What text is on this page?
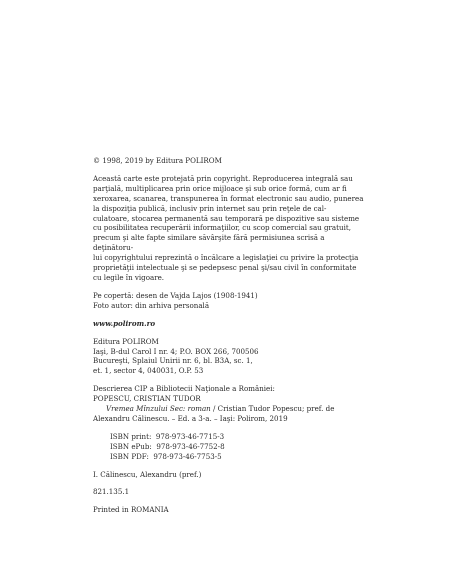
© 1998, 2019 by Editura POLIROM

Această carte este protejată prin copyright. Reproducerea integrală sau
parţială, multiplicarea prin orice mijloace şi sub orice formă, cum ar fi
xeroxarea, scanarea, transpunerea în format electronic sau audio, punerea
la dispoziţia publică, inclusiv prin internet sau prin reţele de cal-
culatoare, stocarea permanentă sau temporară pe dispozitive sau sisteme
cu posibilitatea recuperării informaţiilor, cu scop comercial sau gratuit,
precum şi alte fapte similare săvârşite fără permisiunea scrisă a deţinătoru-
lui copyrightului reprezintă o încălcare a legislaţiei cu privire la protecţia
proprietăţii intelectuale şi se pedepsesc penal şi/sau civil în conformitate
cu legile în vigoare.

Pe copertă: desen de Vajda Lajos (1908-1941)

Foto autor: din arhiva personală

www.polirom.ro

Editura POLIROM

Iaşi, B-dul Carol I nr. 4; P.O. BOX 266, 700506

Bucureşti, Splaiul Unirii nr. 6, bl. B3A, sc. 1,

et. 1, sector 4, 040031, O.P. 53

Descrierea CIP a Bibliotecii Naţionale a României:

POPESCU, CRISTIAN TUDOR

Vremea Mînzului Sec: roman / Cristian Tudor Popescu; pref. de

Alexandru Călinescu. – Ed. a 3-a. – Iaşi: Polirom, 2019

ISBN print: 978-973-46-7715-3

ISBN ePub: 978-973-46-7752-8

ISBN PDF: 978-973-46-7753-5

I. Călinescu, Alexandru (pref.)

821.135.1

Printed in ROMANIA
